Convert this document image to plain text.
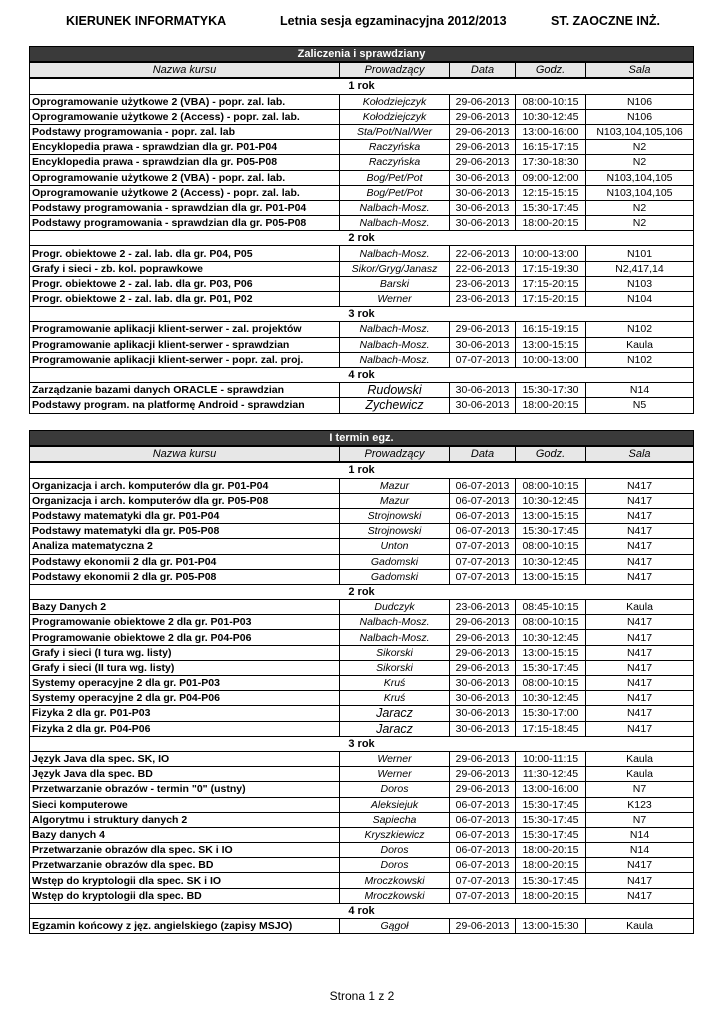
KIERUNEK INFORMATYKA	Letnia sesja egzaminacyjna 2012/2013	ST. ZAOCZNE INŻ.
Zaliczenia i sprawdziany				
Nazwa kursu	Prowadzący	Data	Godz.	Sala
1 rok				
Oprogramowanie użytkowe 2 (VBA) - popr. zal. lab.	Kołodziejczyk	29-06-2013	08:00-10:15	N106
Oprogramowanie użytkowe 2 (Access) - popr. zal. lab.	Kołodziejczyk	29-06-2013	10:30-12:45	N106
Podstawy programowania - popr. zal. lab	Sta/Pot/Nal/Wer	29-06-2013	13:00-16:00	N103,104,105,106
Encyklopedia prawa - sprawdzian dla gr. P01-P04	Raczyńska	29-06-2013	16:15-17:15	N2
Encyklopedia prawa - sprawdzian dla gr. P05-P08	Raczyńska	29-06-2013	17:30-18:30	N2
Oprogramowanie użytkowe 2 (VBA) - popr. zal. lab.	Bog/Pet/Pot	30-06-2013	09:00-12:00	N103,104,105
Oprogramowanie użytkowe 2 (Access) - popr. zal. lab.	Bog/Pet/Pot	30-06-2013	12:15-15:15	N103,104,105
Podstawy programowania - sprawdzian dla gr. P01-P04	Nalbach-Mosz.	30-06-2013	15:30-17:45	N2
Podstawy programowania - sprawdzian dla gr. P05-P08	Nalbach-Mosz.	30-06-2013	18:00-20:15	N2
2 rok				
Progr. obiektowe 2 - zal. lab. dla gr. P04, P05	Nalbach-Mosz.	22-06-2013	10:00-13:00	N101
Grafy i sieci - zb. kol. poprawkowe	Sikor/Gryg/Janasz	22-06-2013	17:15-19:30	N2,417,14
Progr. obiektowe 2 - zal. lab. dla gr. P03, P06	Barski	23-06-2013	17:15-20:15	N103
Progr. obiektowe 2 - zal. lab. dla gr. P01, P02	Werner	23-06-2013	17:15-20:15	N104
3 rok				
Programowanie aplikacji klient-serwer - zal. projektów	Nalbach-Mosz.	29-06-2013	16:15-19:15	N102
Programowanie aplikacji klient-serwer - sprawdzian	Nalbach-Mosz.	30-06-2013	13:00-15:15	Kaula
Programowanie aplikacji klient-serwer - popr. zal. proj.	Nalbach-Mosz.	07-07-2013	10:00-13:00	N102
4 rok				
Zarządzanie bazami danych ORACLE - sprawdzian	Rudowski	30-06-2013	15:30-17:30	N14
Podstawy program. na platformę Android - sprawdzian	Zychewicz	30-06-2013	18:00-20:15	N5
I termin egz.				
Nazwa kursu	Prowadzący	Data	Godz.	Sala
1 rok				
Organizacja i arch. komputerów dla gr. P01-P04	Mazur	06-07-2013	08:00-10:15	N417
Organizacja i arch. komputerów dla gr. P05-P08	Mazur	06-07-2013	10:30-12:45	N417
Podstawy matematyki dla gr. P01-P04	Strojnowski	06-07-2013	13:00-15:15	N417
Podstawy matematyki dla gr. P05-P08	Strojnowski	06-07-2013	15:30-17:45	N417
Analiza matematyczna 2	Unton	07-07-2013	08:00-10:15	N417
Podstawy ekonomii 2 dla gr. P01-P04	Gadomski	07-07-2013	10:30-12:45	N417
Podstawy ekonomii 2 dla gr. P05-P08	Gadomski	07-07-2013	13:00-15:15	N417
2 rok				
Bazy Danych 2	Dudczyk	23-06-2013	08:45-10:15	Kaula
Programowanie obiektowe 2 dla gr. P01-P03	Nalbach-Mosz.	29-06-2013	08:00-10:15	N417
Programowanie obiektowe 2 dla gr. P04-P06	Nalbach-Mosz.	29-06-2013	10:30-12:45	N417
Grafy i sieci (I tura wg. listy)	Sikorski	29-06-2013	13:00-15:15	N417
Grafy i sieci (II tura wg. listy)	Sikorski	29-06-2013	15:30-17:45	N417
Systemy operacyjne 2 dla gr. P01-P03	Kruś	30-06-2013	08:00-10:15	N417
Systemy operacyjne 2 dla gr. P04-P06	Kruś	30-06-2013	10:30-12:45	N417
Fizyka 2 dla gr. P01-P03	Jaracz	30-06-2013	15:30-17:00	N417
Fizyka 2 dla gr. P04-P06	Jaracz	30-06-2013	17:15-18:45	N417
3 rok				
Język Java dla spec. SK, IO	Werner	29-06-2013	10:00-11:15	Kaula
Język Java dla spec. BD	Werner	29-06-2013	11:30-12:45	Kaula
Przetwarzanie obrazów - termin "0" (ustny)	Doros	29-06-2013	13:00-16:00	N7
Sieci komputerowe	Aleksiejuk	06-07-2013	15:30-17:45	K123
Algorytmu i struktury danych 2	Sapiecha	06-07-2013	15:30-17:45	N7
Bazy danych 4	Kryszkiewicz	06-07-2013	15:30-17:45	N14
Przetwarzanie obrazów dla spec. SK i IO	Doros	06-07-2013	18:00-20:15	N14
Przetwarzanie obrazów dla spec. BD	Doros	06-07-2013	18:00-20:15	N417
Wstęp do kryptologii dla spec. SK i IO	Mroczkowski	07-07-2013	15:30-17:45	N417
Wstęp do kryptologii dla spec. BD	Mroczkowski	07-07-2013	18:00-20:15	N417
4 rok				
Egzamin końcowy z jęz. angielskiego (zapisy MSJO)	Gągoł	29-06-2013	13:00-15:30	Kaula
Strona 1 z 2
